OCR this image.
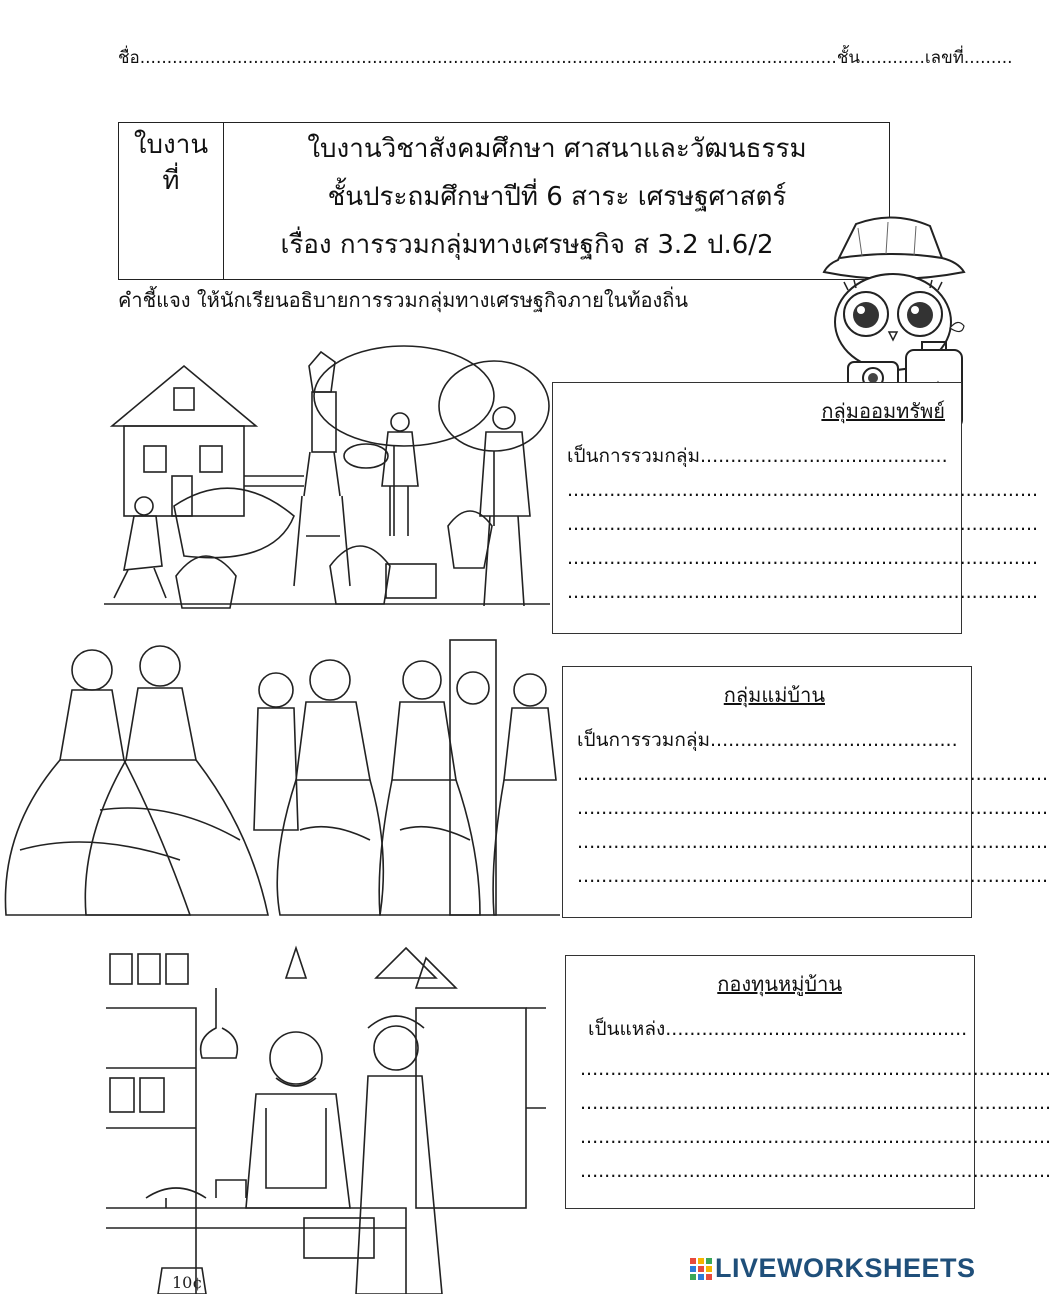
ชื่อ.................................................................................................................................ชั้น............เลขที่.........
ใบงาน
ที่
ใบงานวิชาสังคมศึกษา ศาสนาและวัฒนธรรม
ชั้นประถมศึกษาปีที่ 6 สาระ เศรษฐศาสตร์
เรื่อง การรวมกลุ่มทางเศรษฐกิจ ส 3.2 ป.6/2
คำชี้แจง ให้นักเรียนอธิบายการรวมกลุ่มทางเศรษฐกิจภายในท้องถิ่น
กลุ่มออมทรัพย์
เป็นการรวมกลุ่ม.........................................
..............................................................................
..............................................................................
..............................................................................
..............................................................................
กลุ่มแม่บ้าน
เป็นการรวมกลุ่ม.........................................
..............................................................................
..............................................................................
..............................................................................
..............................................................................
10¢
กองทุนหมู่บ้าน
เป็นแหล่ง..................................................
..............................................................................
..............................................................................
..............................................................................
..............................................................................
LIVEWORKSHEETS
